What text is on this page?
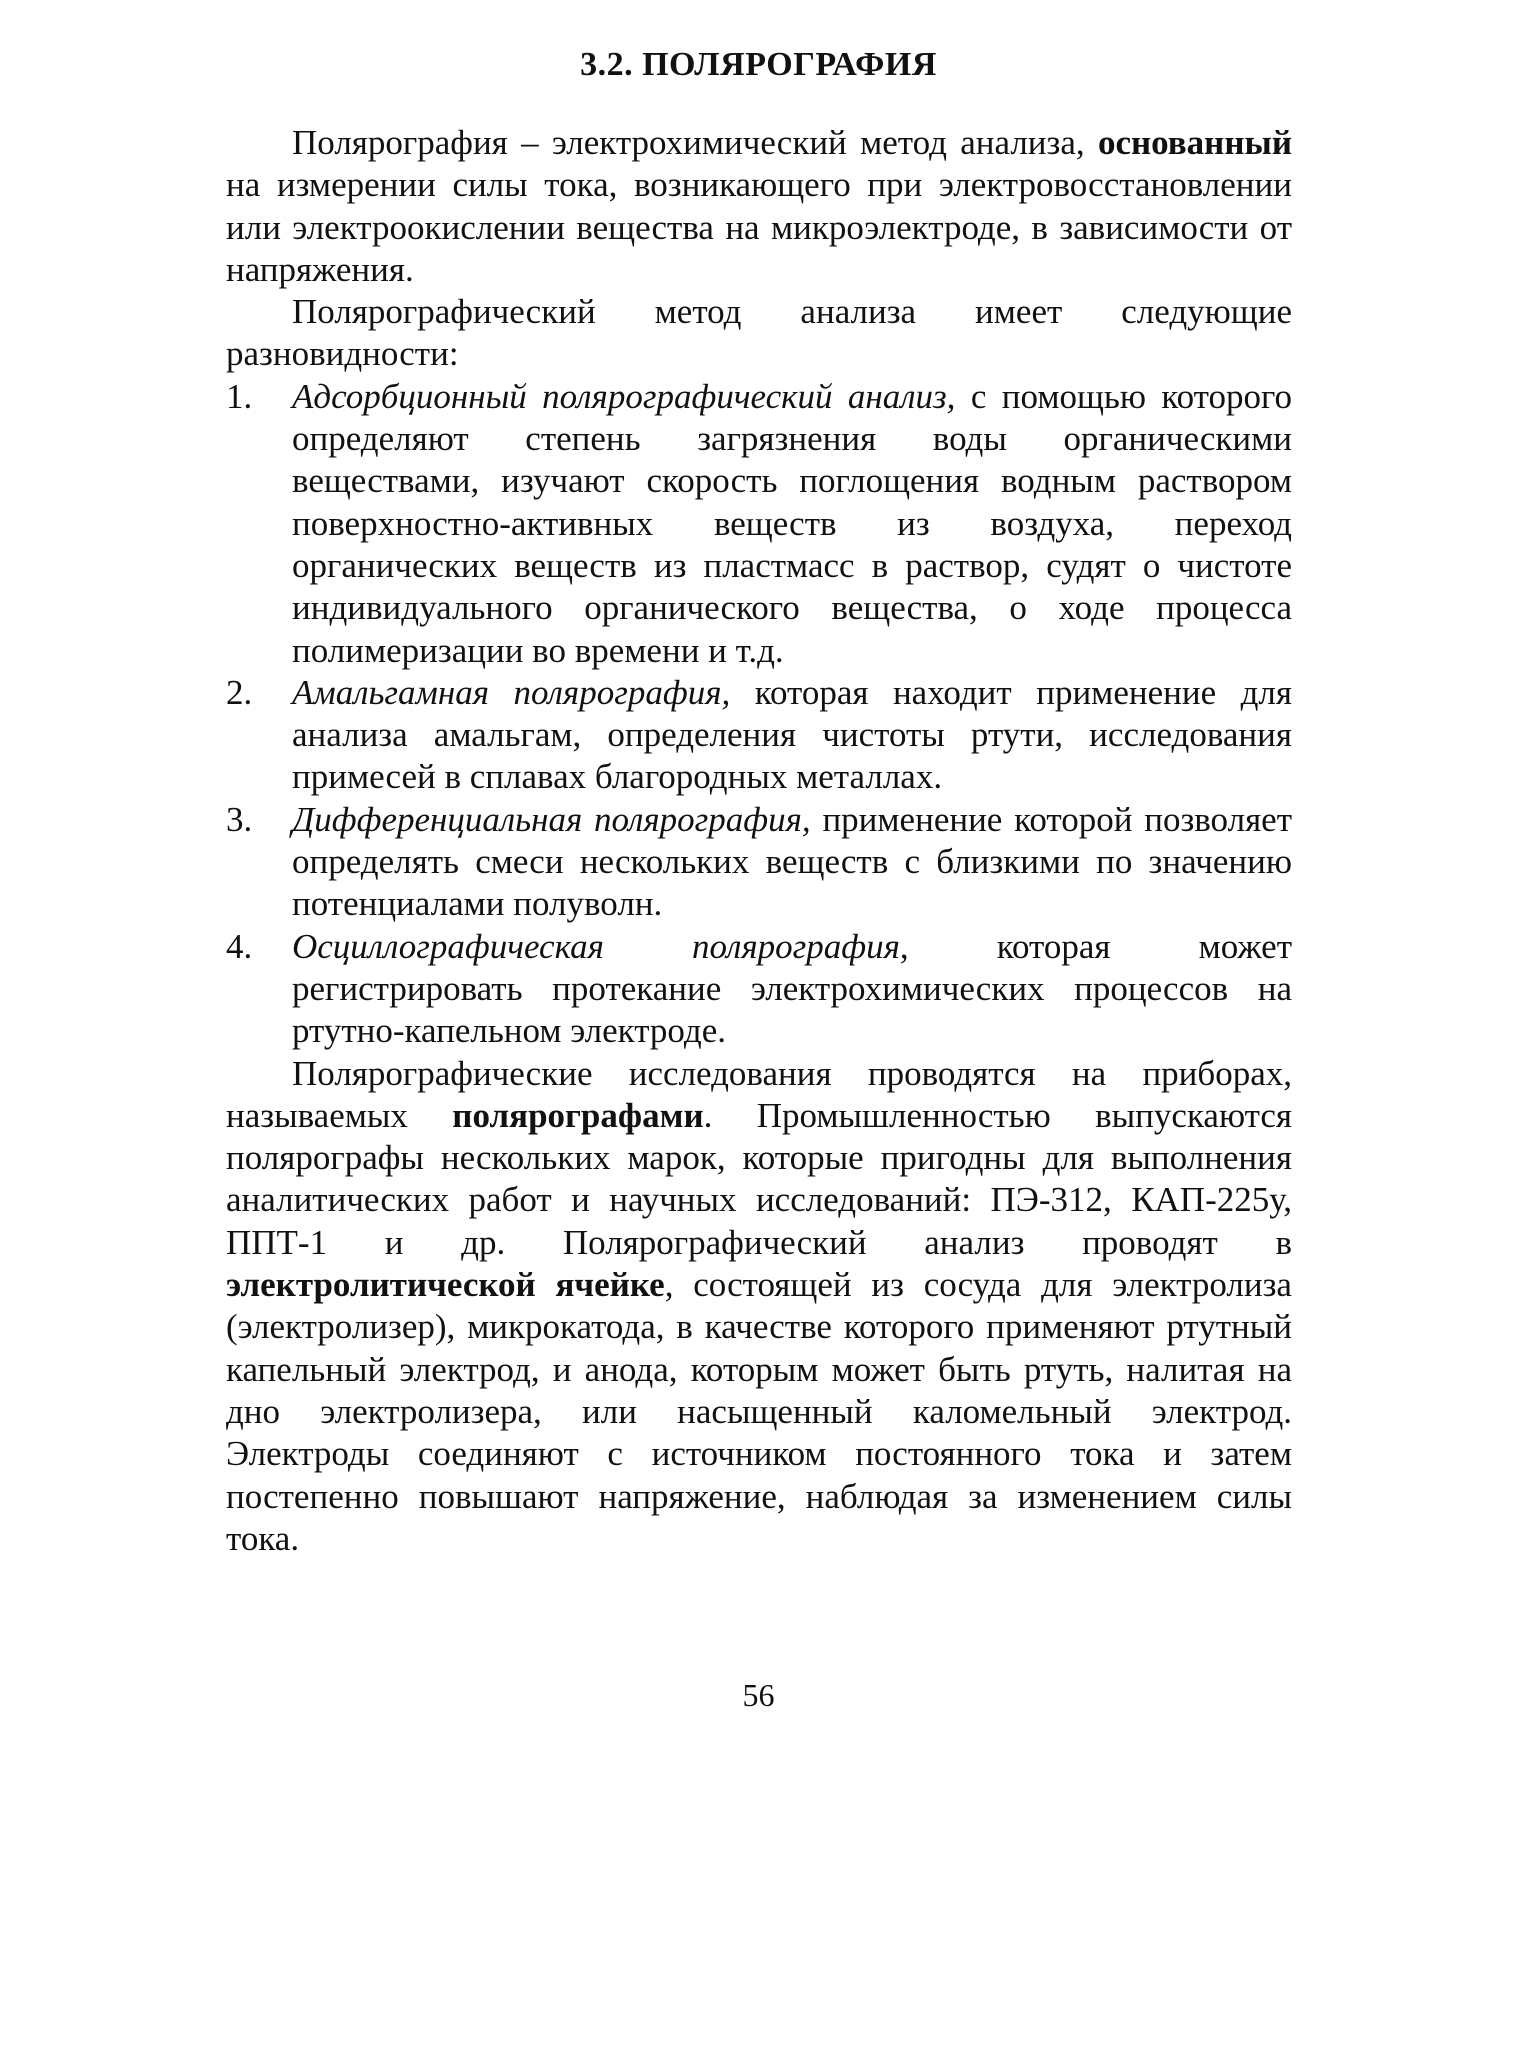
3.2. ПОЛЯРОГРАФИЯ

Полярография – электрохимический метод анализа, основанный на измерении силы тока, возникающего при электровосстановлении или электроокислении вещества на микроэлектроде, в зависимости от напряжения.

Полярографический метод анализа имеет следующие разновидности:

1.	Адсорбционный полярографический анализ, с помощью которого определяют степень загрязнения воды органическими веществами, изучают скорость поглощения водным раствором поверхностно-активных веществ из воздуха, переход органических веществ из пластмасс в раствор, судят о чистоте индивидуального органического вещества, о ходе процесса полимеризации во времени и т.д.
2.	Амальгамная полярография, которая находит применение для анализа амальгам, определения чистоты ртути, исследования примесей в сплавах благородных металлах.
3.	Дифференциальная полярография, применение которой позволяет определять смеси нескольких веществ с близкими по значению потенциалами полуволн.
4.	Осциллографическая полярография, которая может регистрировать протекание электрохимических процессов на ртутно-капельном электроде.

Полярографические исследования проводятся на приборах, называемых полярографами. Промышленностью выпускаются полярографы нескольких марок, которые пригодны для выполнения аналитических работ и научных исследований: ПЭ-312, КАП-225у, ППТ-1 и др. Полярографический анализ проводят в электролитической ячейке, состоящей из сосуда для электролиза (электролизер), микрокатода, в качестве которого применяют ртутный капельный электрод, и анода, которым может быть ртуть, налитая на дно электролизера, или насыщенный каломельный электрод. Электроды соединяют с источником постоянного тока и затем постепенно повышают напряжение, наблюдая за изменением силы тока.

56
